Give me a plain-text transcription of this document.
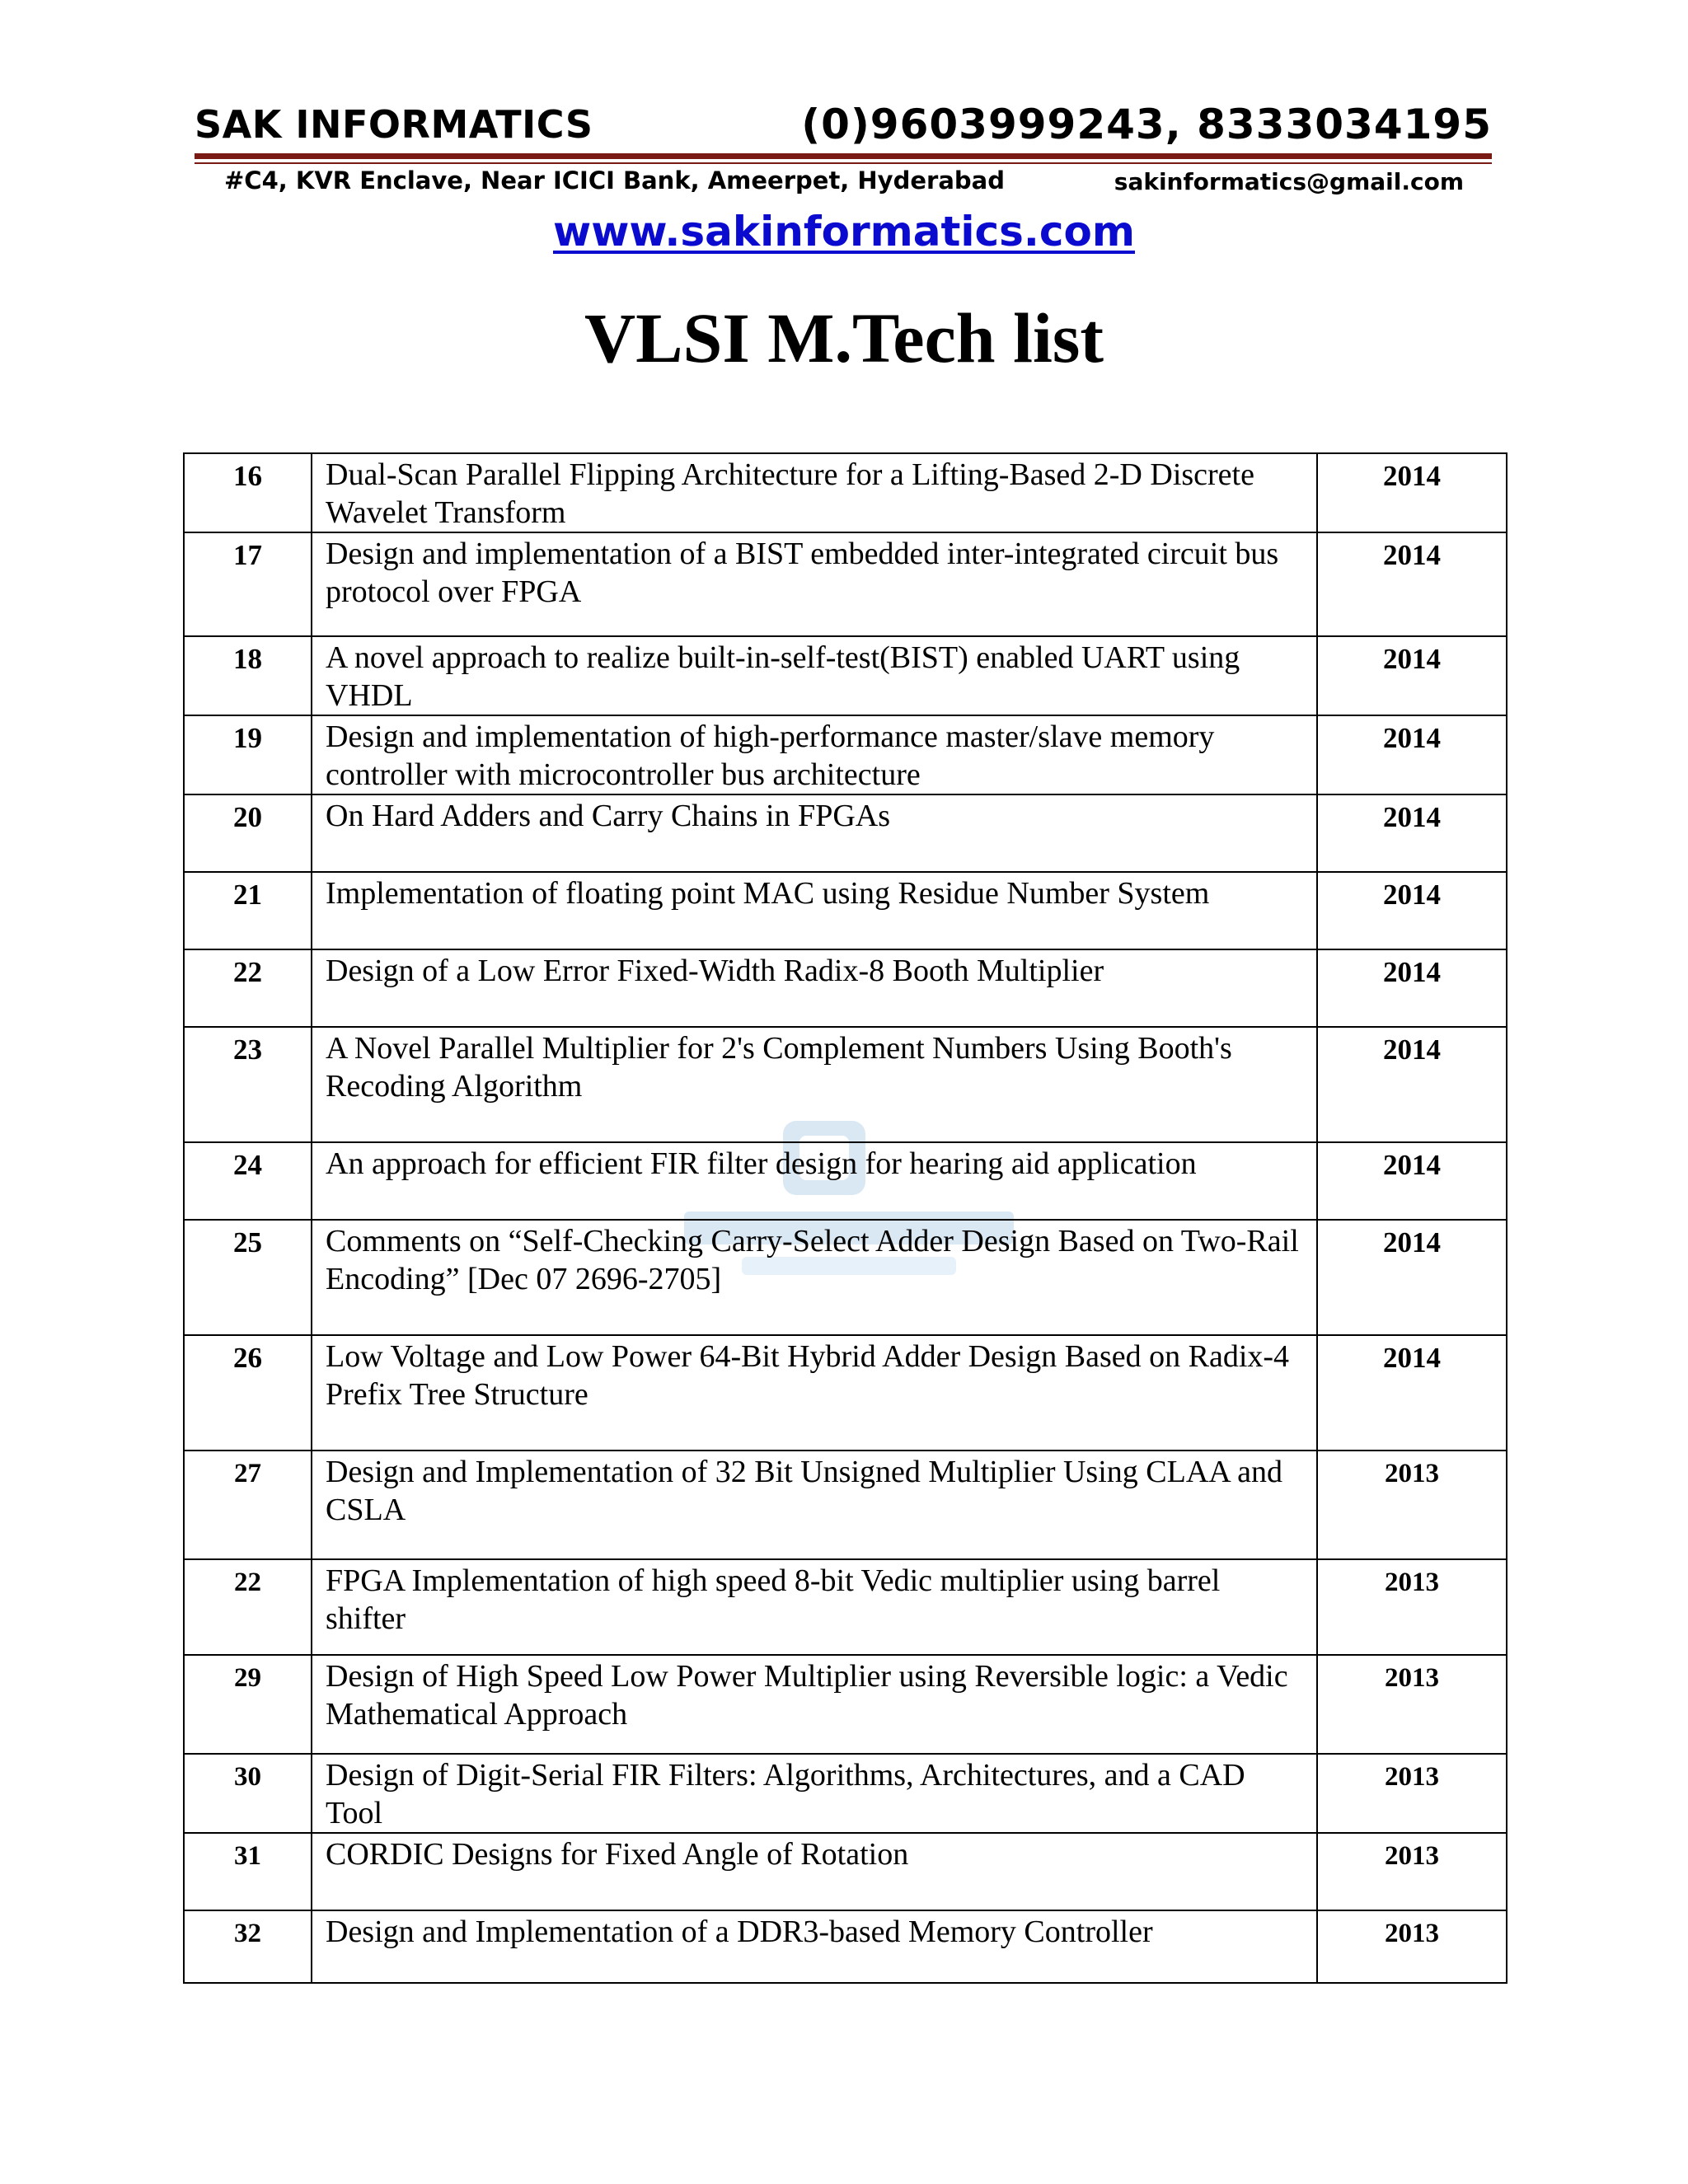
SAK INFORMATICS	(0)9603999243, 8333034195
#C4, KVR Enclave, Near ICICI Bank, Ameerpet, Hyderabad	sakinformatics@gmail.com
www.sakinformatics.com
VLSI M.Tech list
16	Dual-Scan Parallel Flipping Architecture for a Lifting-Based 2-D Discrete Wavelet Transform	2014
17	Design and implementation of a BIST embedded inter-integrated circuit bus protocol over FPGA	2014
18	A novel approach to realize built-in-self-test(BIST) enabled UART using VHDL	2014
19	Design and implementation of high-performance master/slave memory controller with microcontroller bus architecture	2014
20	On Hard Adders and Carry Chains in FPGAs	2014
21	Implementation of floating point MAC using Residue Number System	2014
22	Design of a Low Error Fixed-Width Radix-8 Booth Multiplier	2014
23	A Novel Parallel Multiplier for 2's Complement Numbers Using Booth's Recoding Algorithm	2014
24	An approach for efficient FIR filter design for hearing aid application	2014
25	Comments on “Self-Checking Carry-Select Adder Design Based on Two-Rail Encoding” [Dec 07 2696-2705]	2014
26	Low Voltage and Low Power 64-Bit Hybrid Adder Design Based on Radix-4 Prefix Tree Structure	2014
27	Design and Implementation of 32 Bit Unsigned Multiplier Using CLAA and CSLA	2013
22	FPGA Implementation of high speed 8-bit Vedic multiplier using barrel shifter	2013
29	Design of High Speed Low Power Multiplier using Reversible logic: a Vedic Mathematical Approach	2013
30	Design of Digit-Serial FIR Filters: Algorithms, Architectures, and a CAD Tool	2013
31	CORDIC Designs for Fixed Angle of Rotation	2013
32	Design and Implementation of a DDR3-based Memory Controller	2013
